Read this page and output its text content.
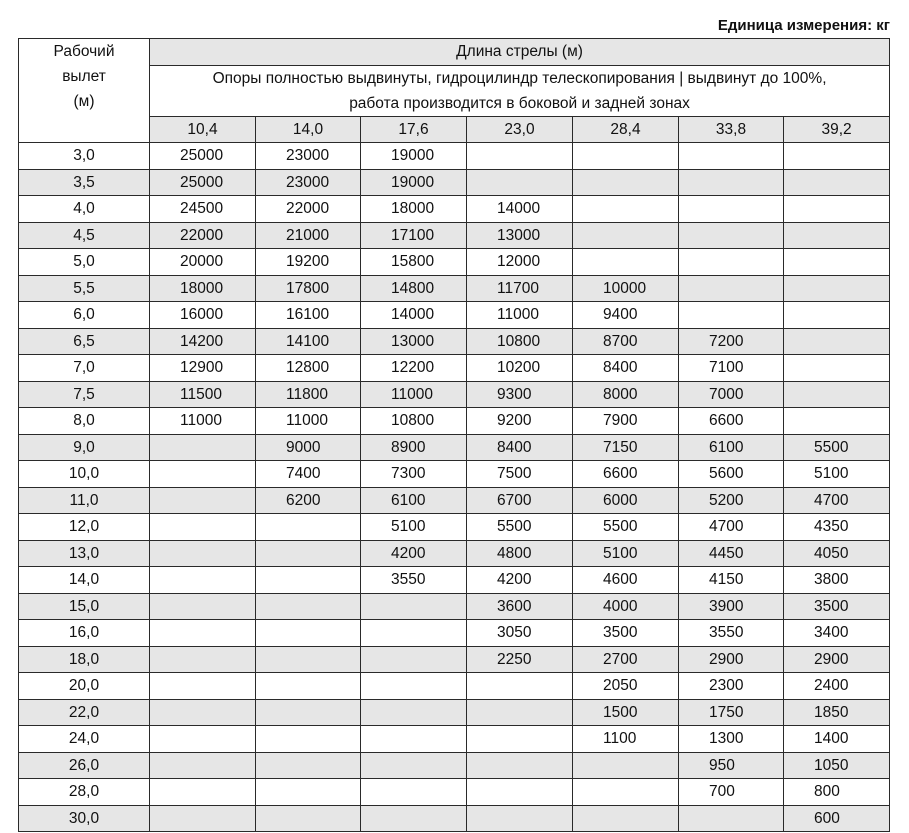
Единица измерения: кг
Рабочий
вылет
(м)	Длина стрелы (м)						

	Опоры полностью выдвинуты, гидроцилиндр телескопирования | выдвинут до 100%,
работа производится в боковой и задней зонах						

	10,4	14,0	17,6	23,0	28,4	33,8	39,2
3,0	25000	23000	19000				
3,5	25000	23000	19000				
4,0	24500	22000	18000	14000			
4,5	22000	21000	17100	13000			
5,0	20000	19200	15800	12000			
5,5	18000	17800	14800	11700	10000		
6,0	16000	16100	14000	11000	9400		
6,5	14200	14100	13000	10800	8700	7200	
7,0	12900	12800	12200	10200	8400	7100	
7,5	11500	11800	11000	9300	8000	7000	
8,0	11000	11000	10800	9200	7900	6600	
9,0		9000	8900	8400	7150	6100	5500
10,0		7400	7300	7500	6600	5600	5100
11,0		6200	6100	6700	6000	5200	4700
12,0			5100	5500	5500	4700	4350
13,0			4200	4800	5100	4450	4050
14,0			3550	4200	4600	4150	3800
15,0				3600	4000	3900	3500
16,0				3050	3500	3550	3400
18,0				2250	2700	2900	2900
20,0					2050	2300	2400
22,0					1500	1750	1850
24,0					1100	1300	1400
26,0						950	1050
28,0						700	800
30,0							600
